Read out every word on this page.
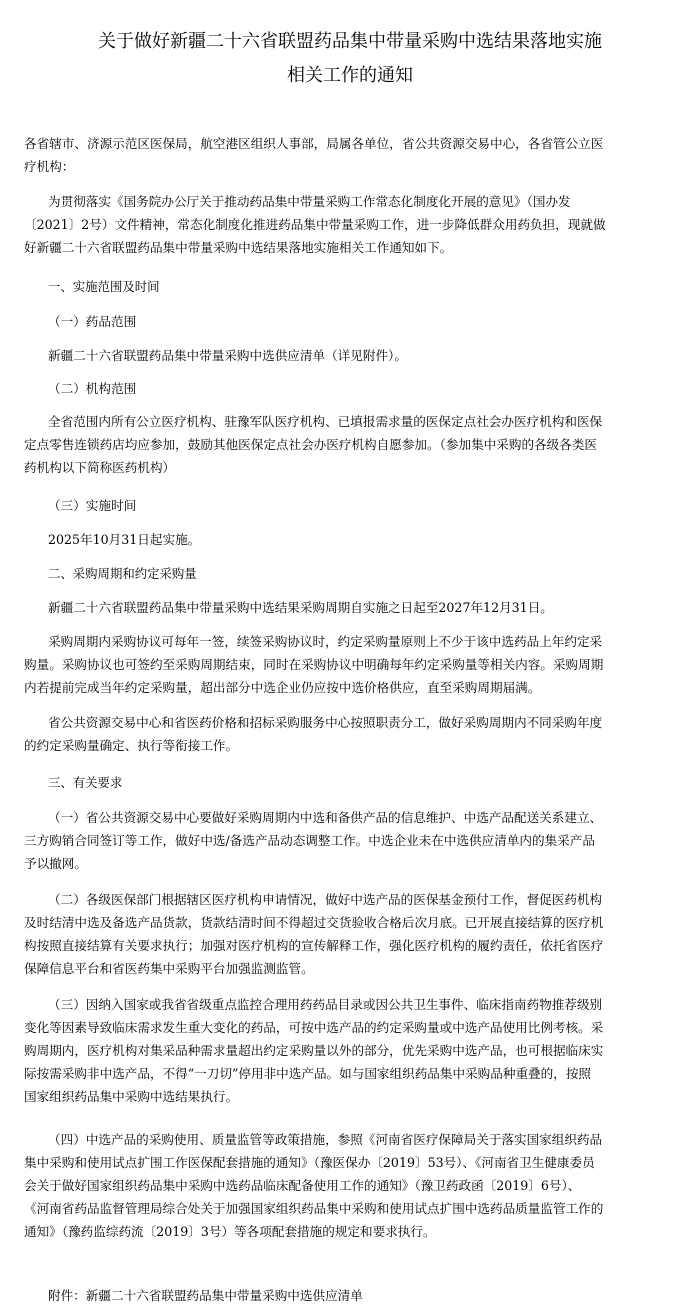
关于做好新疆二十六省联盟药品集中带量采购中选结果落地实施
相关工作的通知
各省辖市、济源示范区医保局，航空港区组织人事部，局属各单位，省公共资源交易中心，各省管公立医
疗机构：
为贯彻落实《国务院办公厅关于推动药品集中带量采购工作常态化制度化开展的意见》（国办发
〔2021〕2号）文件精神，常态化制度化推进药品集中带量采购工作，进一步降低群众用药负担，现就做
好新疆二十六省联盟药品集中带量采购中选结果落地实施相关工作通知如下。
一、实施范围及时间
（一）药品范围
新疆二十六省联盟药品集中带量采购中选供应清单（详见附件）。
（二）机构范围
全省范围内所有公立医疗机构、驻豫军队医疗机构、已填报需求量的医保定点社会办医疗机构和医保
定点零售连锁药店均应参加，鼓励其他医保定点社会办医疗机构自愿参加。（参加集中采购的各级各类医
药机构以下简称医药机构）
（三）实施时间
2025年10月31日起实施。
二、采购周期和约定采购量
新疆二十六省联盟药品集中带量采购中选结果采购周期自实施之日起至2027年12月31日。
采购周期内采购协议可每年一签，续签采购协议时，约定采购量原则上不少于该中选药品上年约定采
购量。采购协议也可签约至采购周期结束，同时在采购协议中明确每年约定采购量等相关内容。采购周期
内若提前完成当年约定采购量，超出部分中选企业仍应按中选价格供应，直至采购周期届满。
省公共资源交易中心和省医药价格和招标采购服务中心按照职责分工，做好采购周期内不同采购年度
的约定采购量确定、执行等衔接工作。
三、有关要求
（一）省公共资源交易中心要做好采购周期内中选和备供产品的信息维护、中选产品配送关系建立、
三方购销合同签订等工作，做好中选/备选产品动态调整工作。中选企业未在中选供应清单内的集采产品
予以撤网。
（二）各级医保部门根据辖区医疗机构申请情况，做好中选产品的医保基金预付工作，督促医药机构
及时结清中选及备选产品货款，货款结清时间不得超过交货验收合格后次月底。已开展直接结算的医疗机
构按照直接结算有关要求执行；加强对医疗机构的宣传解释工作，强化医疗机构的履约责任，依托省医疗
保障信息平台和省医药集中采购平台加强监测监管。
（三）因纳入国家或我省省级重点监控合理用药药品目录或因公共卫生事件、临床指南药物推荐级别
变化等因素导致临床需求发生重大变化的药品，可按中选产品的约定采购量或中选产品使用比例考核。采
购周期内，医疗机构对集采品种需求量超出约定采购量以外的部分，优先采购中选产品，也可根据临床实
际按需采购非中选产品，不得“一刀切”停用非中选产品。如与国家组织药品集中采购品种重叠的，按照
国家组织药品集中采购中选结果执行。
（四）中选产品的采购使用、质量监管等政策措施，参照《河南省医疗保障局关于落实国家组织药品
集中采购和使用试点扩围工作医保配套措施的通知》（豫医保办〔2019〕53号）、《河南省卫生健康委员
会关于做好国家组织药品集中采购中选药品临床配备使用工作的通知》（豫卫药政函〔2019〕6号）、
《河南省药品监督管理局综合处关于加强国家组织药品集中采购和使用试点扩围中选药品质量监管工作的
通知》（豫药监综药流〔2019〕3号）等各项配套措施的规定和要求执行。
附件：新疆二十六省联盟药品集中带量采购中选供应清单
